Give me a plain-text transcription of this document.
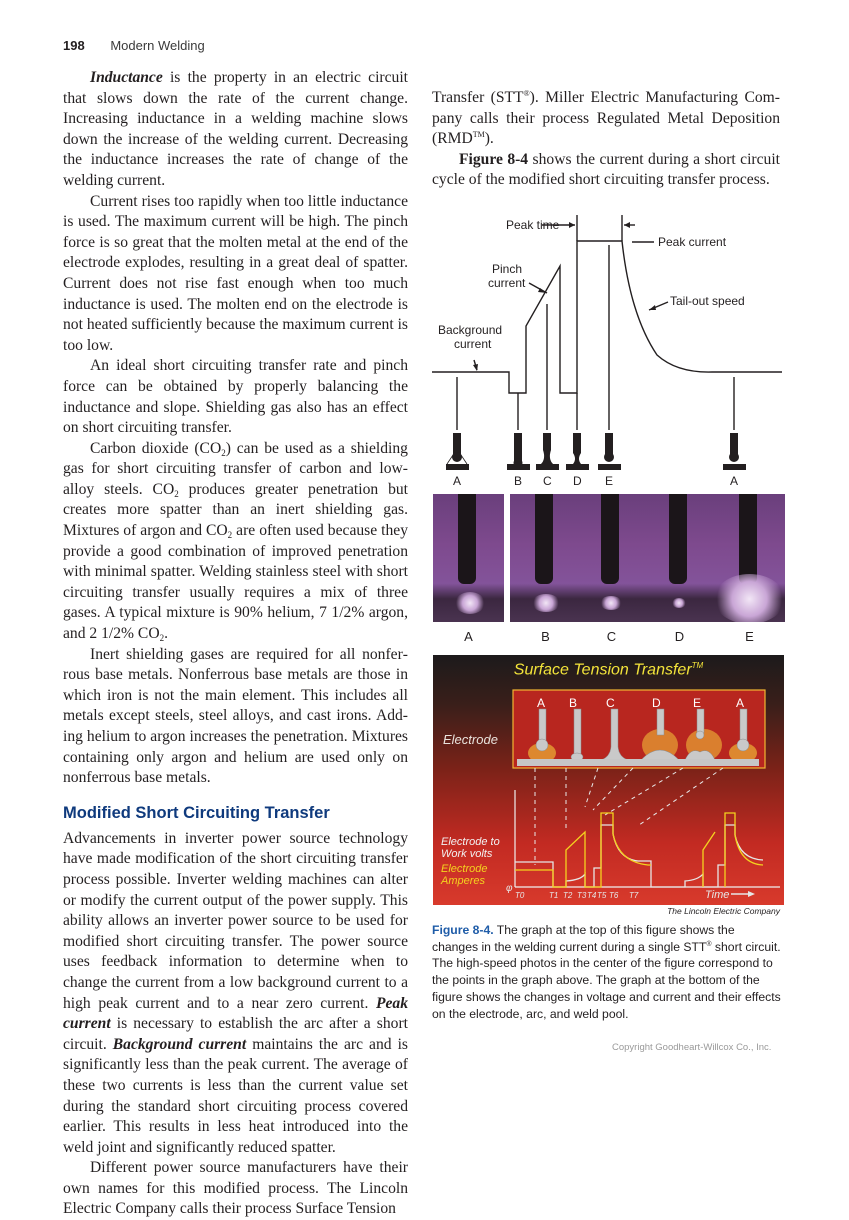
198 Modern Welding

Inductance is the property in an electric circuit that slows down the rate of the current change. Increasing inductance in a welding machine slows down the increase of the welding current. Decreasing the inductance increases the rate of change of the welding current.

Current rises too rapidly when too little inductance is used. The maximum current will be high. The pinch force is so great that the molten metal at the end of the electrode explodes, resulting in a great deal of spatter. Current does not rise fast enough when too much inductance is used. The molten end on the electrode is not heated sufficiently because the maximum current is too low.

An ideal short circuiting transfer rate and pinch force can be obtained by properly balancing the inductance and slope. Shielding gas also has an effect on short circuiting transfer.

Carbon dioxide $(CO_2)$ can be used as a shielding gas for short circuiting transfer of carbon and low-alloy steels. $CO_2$ produces greater penetration but creates more spatter than an inert shielding gas. Mixtures of argon and $CO_2$ are often used because they provide a good combination of improved penetration with minimal spatter. Welding stainless steel with short circuiting transfer usually requires a mix of three gases. A typical mixture is 90% helium, 7 1/2% argon, and 2 1/2% $CO_2$.

Inert shielding gases are required for all nonferrous base metals. Nonferrous base metals are those in which iron is not the main element. This includes all metals except steels, steel alloys, and cast irons. Adding helium to argon increases the penetration. Mixtures containing only argon and helium are used only on nonferrous base metals.

Modified Short Circuiting Transfer

Advancements in inverter power source technology have made modification of the short circuiting transfer process possible. Inverter welding machines can alter or modify the current output of the power supply. This ability allows an inverter power source to be used for modified short circuiting transfer. The power source uses feedback information to determine when to change the current from a low background current to a high peak current and to a near zero current. Peak current is necessary to establish the arc after a short circuit. Background current maintains the arc and is significantly less than the peak current. The average of these two currents is less than the current value set during the standard short circuiting process covered earlier. This results in less heat introduced into the weld joint and significantly reduced spatter.

Different power source manufacturers have their own names for this modified process. The Lincoln Electric Company calls their process Surface Tension

Transfer (STT®). Miller Electric Manufacturing Company calls their process Regulated Metal Deposition (RMD™).

Figure 8-4 shows the current during a short circuit cycle of the modified short circuiting transfer process.

Peak time
Peak current
Pinch
current
Tail-out speed
Background
current
A	B C D E	A
A	B	C	D	E
A B C	D	E	A
φ
T0	T1 T2 T3 T4 T5 T6 T7	Time
Surface Tension Transfer™
Electrode
Electrode to
Work volts
Electrode
Amperes
The Lincoln Electric Company
Figure 8-4. The graph at the top of this figure shows the changes in the welding current during a single STT® short circuit. The high-speed photos in the center of the figure correspond to the points in the graph above. The graph at the bottom of the figure shows the changes in voltage and current and their effects on the electrode, arc, and weld pool.
Copyright Goodheart-Willcox Co., Inc.
